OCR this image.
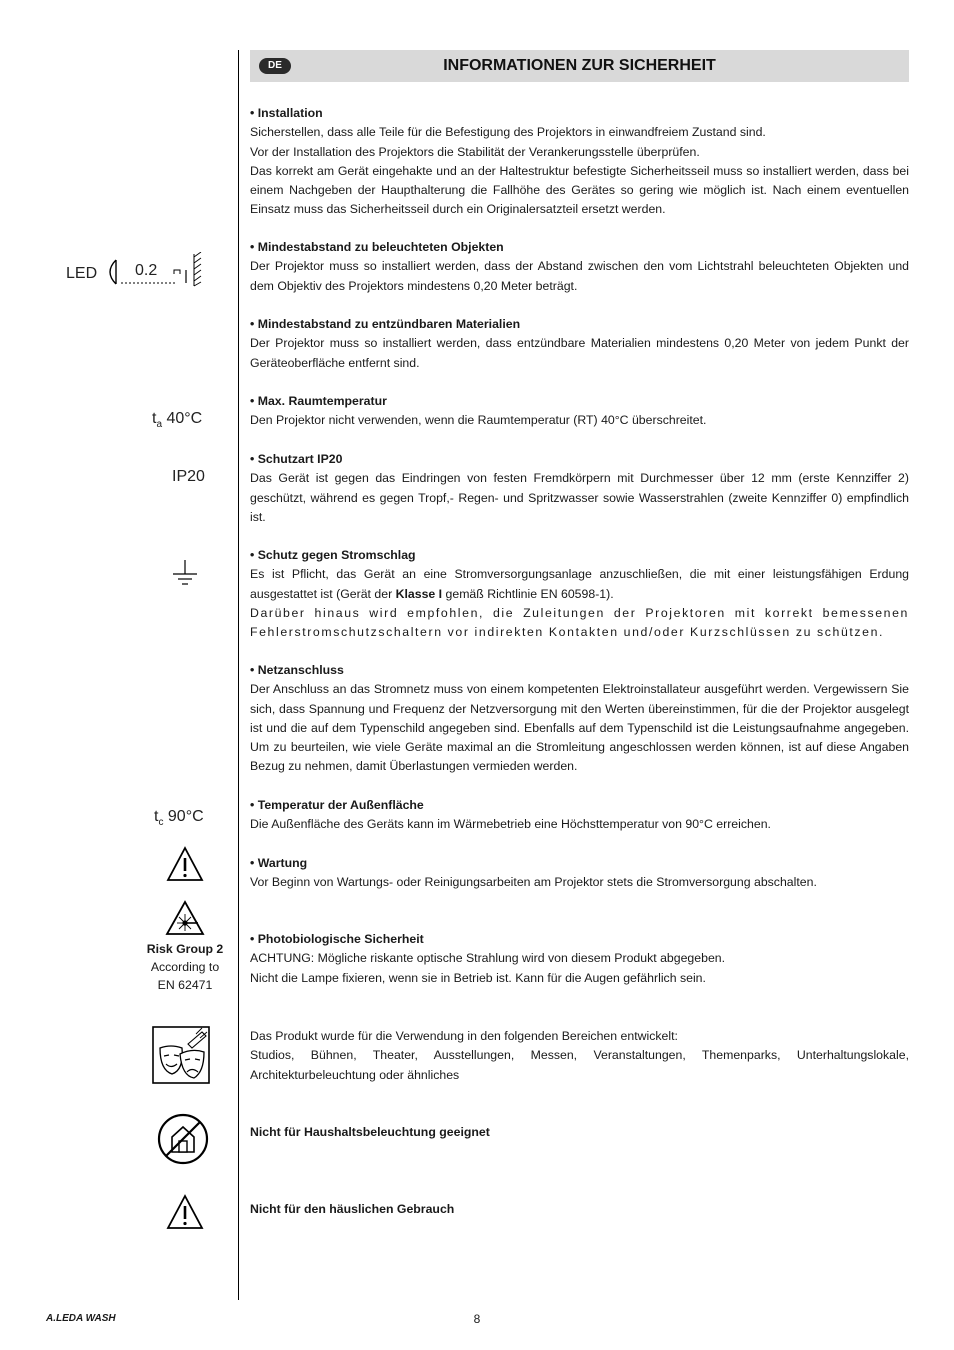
DE	INFORMATIONEN ZUR SICHERHEIT
LED 0.2
$t_a$ 40°C
IP20
$t_c$ 90°C
Risk Group 2
According to
EN 62471
• Installation

Sicherstellen, dass alle Teile für die Befestigung des Projektors in einwandfreiem Zustand sind.
Vor der Installation des Projektors die Stabilität der Verankerungsstelle überprüfen.
Das korrekt am Gerät eingehakte und an der Haltestruktur befestigte Sicherheitsseil muss so installiert werden, dass bei einem Nachgeben der Haupthalterung die Fallhöhe des Gerätes so gering wie möglich ist. Nach einem eventuellen Einsatz muss das Sicherheitsseil durch ein Originalersatzteil ersetzt werden.

• Mindestabstand zu beleuchteten Objekten

Der Projektor muss so installiert werden, dass der Abstand zwischen den vom Lichtstrahl beleuchteten Objekten und dem Objektiv des Projektors mindestens 0,20 Meter beträgt.

• Mindestabstand zu entzündbaren Materialien

Der Projektor muss so installiert werden, dass entzündbare Materialien mindestens 0,20 Meter von jedem Punkt der Geräteoberfläche entfernt sind.

• Max. Raumtemperatur

Den Projektor nicht verwenden, wenn die Raumtemperatur (RT) 40°C überschreitet.

• Schutzart IP20

Das Gerät ist gegen das Eindringen von festen Fremdkörpern mit Durchmesser über 12 mm (erste Kennziffer 2) geschützt, während es gegen Tropf,- Regen- und Spritzwasser sowie Wasserstrahlen (zweite Kennziffer 0) empfindlich ist.

• Schutz gegen Stromschlag

Es ist Pflicht, das Gerät an eine Stromversorgungsanlage anzuschließen, die mit einer leistungsfähigen Erdung ausgestattet ist (Gerät der Klasse I gemäß Richtlinie EN 60598-1).

Darüber hinaus wird empfohlen, die Zuleitungen der Projektoren mit korrekt bemessenen Fehlerstromschutzschaltern vor indirekten Kontakten und/oder Kurzschlüssen zu schützen.

• Netzanschluss

Der Anschluss an das Stromnetz muss von einem kompetenten Elektroinstallateur ausgeführt werden. Vergewissern Sie sich, dass Spannung und Frequenz der Netzversorgung mit den Werten übereinstimmen, für die der Projektor ausgelegt ist und die auf dem Typenschild angegeben sind. Ebenfalls auf dem Typenschild ist die Leistungsaufnahme angegeben. Um zu beurteilen, wie viele Geräte maximal an die Stromleitung angeschlossen werden können, ist auf diese Angaben Bezug zu nehmen, damit Überlastungen vermieden werden.

• Temperatur der Außenfläche

Die Außenfläche des Geräts kann im Wärmebetrieb eine Höchsttemperatur von 90°C erreichen.

• Wartung

Vor Beginn von Wartungs- oder Reinigungsarbeiten am Projektor stets die Stromversorgung abschalten.

• Photobiologische Sicherheit

ACHTUNG: Mögliche riskante optische Strahlung wird von diesem Produkt abgegeben.
Nicht die Lampe fixieren, wenn sie in Betrieb ist. Kann für die Augen gefährlich sein.

Das Produkt wurde für die Verwendung in den folgenden Bereichen entwickelt:
Studios, Bühnen, Theater, Ausstellungen, Messen, Veranstaltungen, Themenparks, Unterhaltungslokale, Architekturbeleuchtung oder ähnliches

Nicht für Haushaltsbeleuchtung geeignet
Nicht für den häuslichen Gebrauch
A.LEDA WASH	8
